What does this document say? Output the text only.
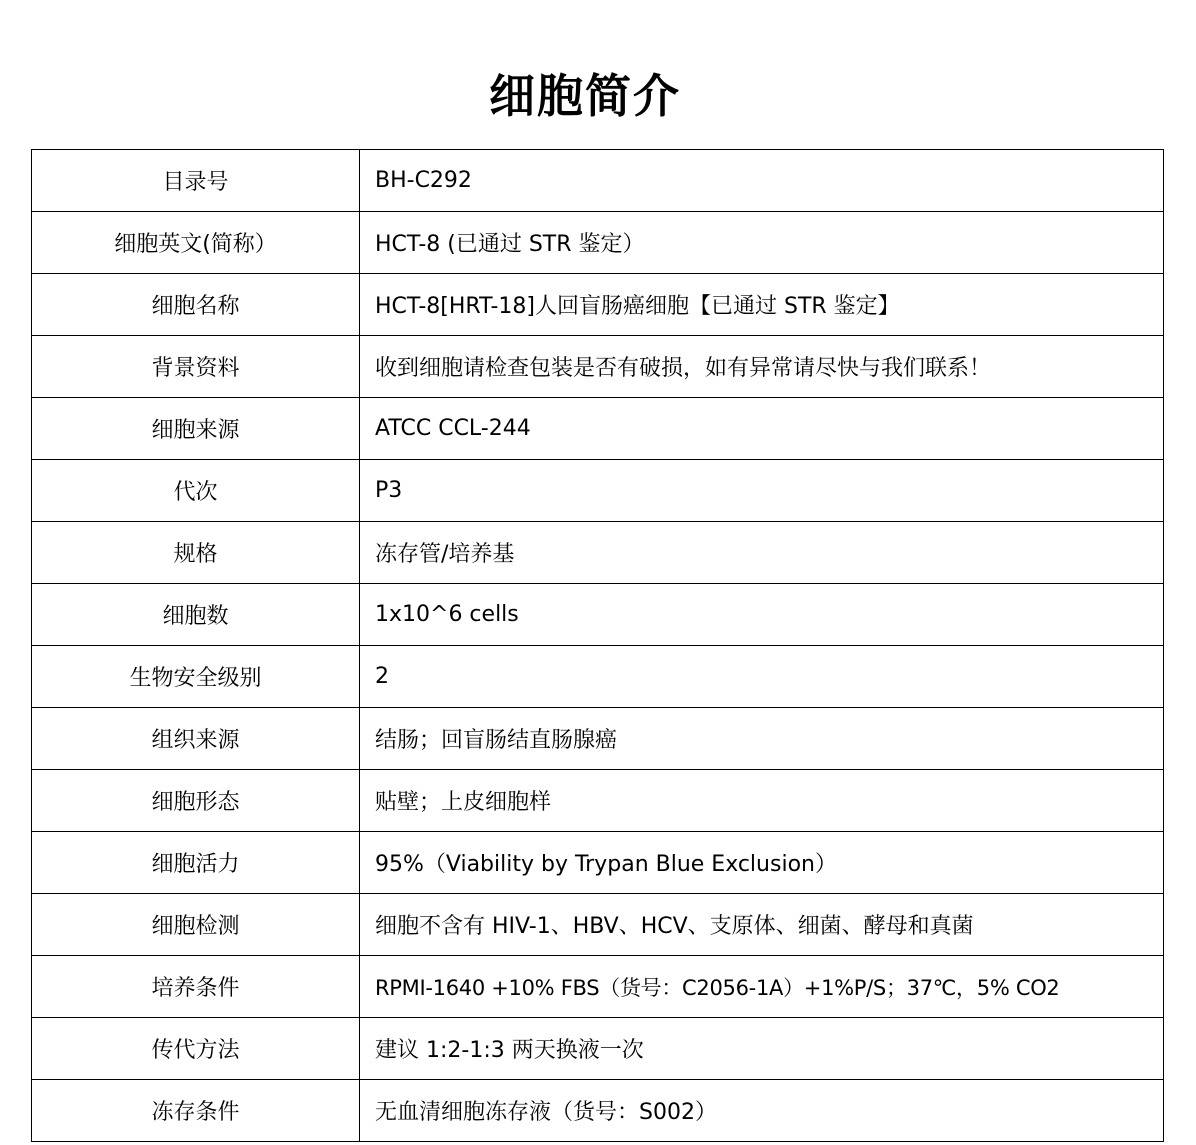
细胞简介
目录号	BH-C292
细胞英文(简称）	HCT-8 (已通过 STR 鉴定）
细胞名称	HCT-8[HRT-18]人回盲肠癌细胞【已通过 STR 鉴定】
背景资料	收到细胞请检查包装是否有破损，如有异常请尽快与我们联系！
细胞来源	ATCC CCL-244
代次	P3
规格	冻存管/培养基
细胞数	1x10^6 cells
生物安全级别	2
组织来源	结肠；回盲肠结直肠腺癌
细胞形态	贴壁；上皮细胞样
细胞活力	95%（Viability by Trypan Blue Exclusion）
细胞检测	细胞不含有 HIV-1、HBV、HCV、支原体、细菌、酵母和真菌
培养条件	RPMI-1640 +10% FBS（货号：C2056-1A）+1%P/S；37℃，5% CO2
传代方法	建议 1:2-1:3 两天换液一次
冻存条件	无血清细胞冻存液（货号：S002）
